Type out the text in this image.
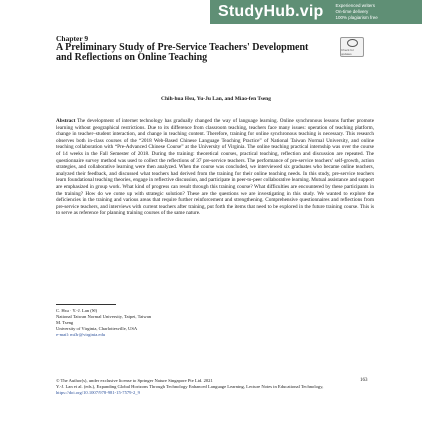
StudyHub.vip	Experienced writers
On-time delivery
100% plagiarism free
Chapter 9
A Preliminary Study of Pre-Service Teachers' Development and Reflections on Online Teaching
Check for updates
Chih-hua Hsu, Yu-Ju Lan, and Miao-fen Tseng
Abstract The development of internet technology has gradually changed the way of language learning. Online synchronous lessons further promote learning without geographical restrictions. Due to its difference from classroom teaching, teachers face many issues: operation of teaching platform, change in teacher–student interaction, and change in teaching content. Therefore, training for online synchronous teaching is necessary. This research observes both in-class courses of the “2018 Web-Based Chinese Language Teaching Practice” of National Taiwan Normal University, and online teaching collaboration with “Pre-Advanced Chinese Course” at the University of Virginia. The online teaching practical internship was over the course of 14 weeks in the Fall Semester of 2018. During the training: theoretical courses, practical teaching, reflection and discussion are repeated. The questionnaire survey method was used to collect the reflections of 37 pre-service teachers. The performance of pre-service teachers’ self-growth, action strategies, and collaborative learning were then analyzed. When the course was concluded, we interviewed six graduates who became online teachers, analyzed their feedback, and discussed what teachers had derived from the training for their online teaching needs. In this study, pre-service teachers learn foundational teaching theories, engage in reflective discussion, and participate in peer-to-peer collaborative learning. Mutual assistance and support are emphasized in group work. What kind of progress can result through this training course? What difficulties are encountered by these participants in the training? How do we come up with strategic solution? These are the questions we are investigating in this study. We wanted to explore the deficiencies in the training and various areas that require further reinforcement and strengthening. Comprehensive questionnaires and reflections from pre-service teachers, and interviews with current teachers after training, put forth the items that need to be explored in the future training course. This is to serve as reference for planning training courses of the same nature.
C. Hsu · Y.-J. Lan (✉)
National Taiwan Normal University, Taipei, Taiwan
M. Tseng
University of Virginia, Charlottesville, USA
e-mail: mt3r@virginia.edu
© The Author(s), under exclusive license to Springer Nature Singapore Pte Ltd. 2021
Y.-J. Lan et al. (eds.), Expanding Global Horizons Through Technology Enhanced Language Learning, Lecture Notes in Educational Technology,
https://doi.org/10.1007/978-981-15-7579-2_9
163
